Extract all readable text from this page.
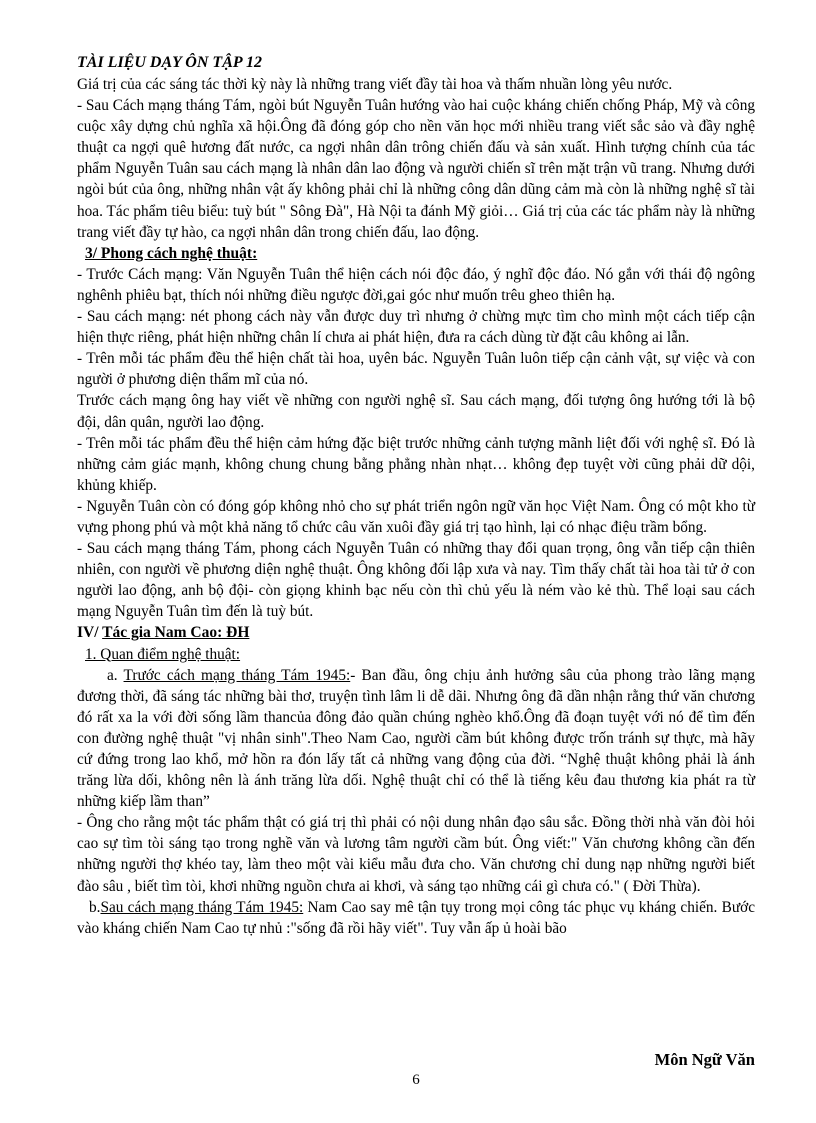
TÀI LIỆU DẠY ÔN TẬP 12

Giá trị của các sáng tác thời kỳ này là những trang viết đầy tài hoa và thấm nhuần lòng yêu nước.

- Sau Cách mạng tháng Tám, ngòi bút Nguyễn Tuân hướng vào hai cuộc kháng chiến chống Pháp, Mỹ và công cuộc xây dựng chủ nghĩa xã hội.Ông đã đóng góp cho nền văn học mới nhiều trang viết sắc sảo và đầy nghệ thuật ca ngợi quê hương đất nước, ca ngợi nhân dân trông chiến đấu và sản xuất. Hình tượng chính của tác phẩm Nguyễn Tuân sau cách mạng là nhân dân lao động và người chiến sĩ trên mặt trận vũ trang. Nhưng dưới ngòi bút của ông, những nhân vật ấy không phải chỉ là những công dân dũng cảm mà còn là những nghệ sĩ tài hoa. Tác phẩm tiêu biểu: tuỳ bút " Sông Đà", Hà Nội ta đánh Mỹ giỏi… Giá trị của các tác phẩm này là những trang viết đầy tự hào, ca ngợi nhân dân trong chiến đấu, lao động.

3/ Phong cách nghệ thuật:

- Trước Cách mạng: Văn Nguyễn Tuân thể hiện cách nói độc đáo, ý nghĩ độc đáo. Nó gắn với thái độ ngông nghênh phiêu bạt, thích nói những điều ngược đời,gai góc như muốn trêu gheo thiên hạ.

- Sau cách mạng: nét phong cách này vẫn được duy trì nhưng ở chừng mực tìm cho mình một cách tiếp cận hiện thực riêng, phát hiện những chân lí chưa ai phát hiện, đưa ra cách dùng từ đặt câu không ai lẫn.

- Trên mỗi tác phẩm đều thể hiện chất tài hoa, uyên bác. Nguyễn Tuân luôn tiếp cận cảnh vật, sự việc và con người ở phương diện thẩm mĩ của nó.

Trước cách mạng ông hay viết về những con người nghệ sĩ. Sau cách mạng, đối tượng ông hướng tới là bộ đội, dân quân, người lao động.

- Trên mỗi tác phẩm đều thể hiện cảm hứng đặc biệt trước những cảnh tượng mãnh liệt đối với nghệ sĩ. Đó là những cảm giác mạnh, không chung chung bằng phẳng nhàn nhạt… không đẹp tuyệt vời cũng phải dữ dội, khủng khiếp.

- Nguyễn Tuân còn có đóng góp không nhỏ cho sự phát triển ngôn ngữ văn học Việt Nam. Ông có một kho từ vựng phong phú và một khả năng tổ chức câu văn xuôi đầy giá trị tạo hình, lại có nhạc điệu trầm bổng.

- Sau cách mạng tháng Tám, phong cách Nguyễn Tuân có những thay đổi quan trọng, ông vẫn tiếp cận thiên nhiên, con người về phương diện nghệ thuật. Ông không đối lập xưa và nay. Tìm thấy chất tài hoa tài tử ở con người lao động, anh bộ đội- còn giọng khinh bạc nếu còn thì chủ yếu là ném vào kẻ thù. Thể loại sau cách mạng Nguyễn Tuân tìm đến là tuỳ bút.

IV/ Tác gia Nam Cao: ĐH

1. Quan điểm nghệ thuật:

a. Trước cách mạng tháng Tám 1945:- Ban đầu, ông chịu ảnh hưởng sâu của phong trào lãng mạng đương thời, đã sáng tác những bài thơ, truyện tình lâm li dễ dãi. Nhưng ông đã dần nhận rằng thứ văn chương đó rất xa la với đời sống lầm thancủa đông đảo quần chúng nghèo khổ.Ông đã đoạn tuyệt với nó để tìm đến con đường nghệ thuật "vị nhân sinh".Theo Nam Cao, người cầm bút không được trốn tránh sự thực, mà hãy cứ đứng trong lao khổ, mở hồn ra đón lấy tất cả những vang động của đời. “Nghệ thuật không phải là ánh trăng lừa dối, không nên là ánh trăng lừa dối. Nghệ thuật chỉ có thể là tiếng kêu đau thương kia phát ra từ những kiếp lầm than”

- Ông cho rằng một tác phẩm thật có giá trị thì phải có nội dung nhân đạo sâu sắc. Đồng thời nhà văn đòi hỏi cao sự tìm tòi sáng tạo trong nghề văn và lương tâm người cầm bút. Ông viết:" Văn chương không cần đến những người thợ khéo tay, làm theo một vài kiểu mẫu đưa cho. Văn chương chỉ dung nạp những người biết đào sâu , biết tìm tòi, khơi những nguồn chưa ai khơi, và sáng tạo những cái gì chưa có." ( Đời Thừa).

b.Sau cách mạng tháng Tám 1945: Nam Cao say mê tận tụy trong mọi công tác phục vụ kháng chiến. Bước vào kháng chiến Nam Cao tự nhủ :"sống đã rồi hãy viết". Tuy vẫn ấp ủ hoài bão

Môn Ngữ Văn
6
